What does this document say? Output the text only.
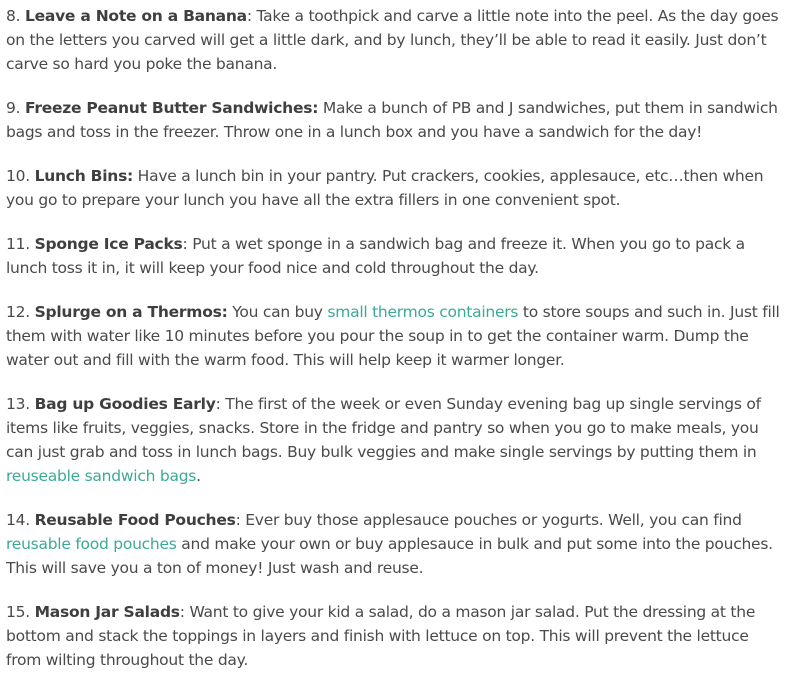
8. Leave a Note on a Banana: Take a toothpick and carve a little note into the peel. As the day goes on the letters you carved will get a little dark, and by lunch, they’ll be able to read it easily. Just don’t carve so hard you poke the banana.

9. Freeze Peanut Butter Sandwiches: Make a bunch of PB and J sandwiches, put them in sandwich bags and toss in the freezer. Throw one in a lunch box and you have a sandwich for the day!

10. Lunch Bins: Have a lunch bin in your pantry. Put crackers, cookies, applesauce, etc…then when you go to prepare your lunch you have all the extra fillers in one convenient spot.

11. Sponge Ice Packs: Put a wet sponge in a sandwich bag and freeze it. When you go to pack a lunch toss it in, it will keep your food nice and cold throughout the day.

12. Splurge on a Thermos: You can buy small thermos containers to store soups and such in. Just fill them with water like 10 minutes before you pour the soup in to get the container warm. Dump the water out and fill with the warm food. This will help keep it warmer longer.

13. Bag up Goodies Early: The first of the week or even Sunday evening bag up single servings of items like fruits, veggies, snacks. Store in the fridge and pantry so when you go to make meals, you can just grab and toss in lunch bags. Buy bulk veggies and make single servings by putting them in reuseable sandwich bags.

14. Reusable Food Pouches: Ever buy those applesauce pouches or yogurts. Well, you can find reusable food pouches and make your own or buy applesauce in bulk and put some into the pouches. This will save you a ton of money! Just wash and reuse.

15. Mason Jar Salads: Want to give your kid a salad, do a mason jar salad. Put the dressing at the bottom and stack the toppings in layers and finish with lettuce on top. This will prevent the lettuce from wilting throughout the day.
